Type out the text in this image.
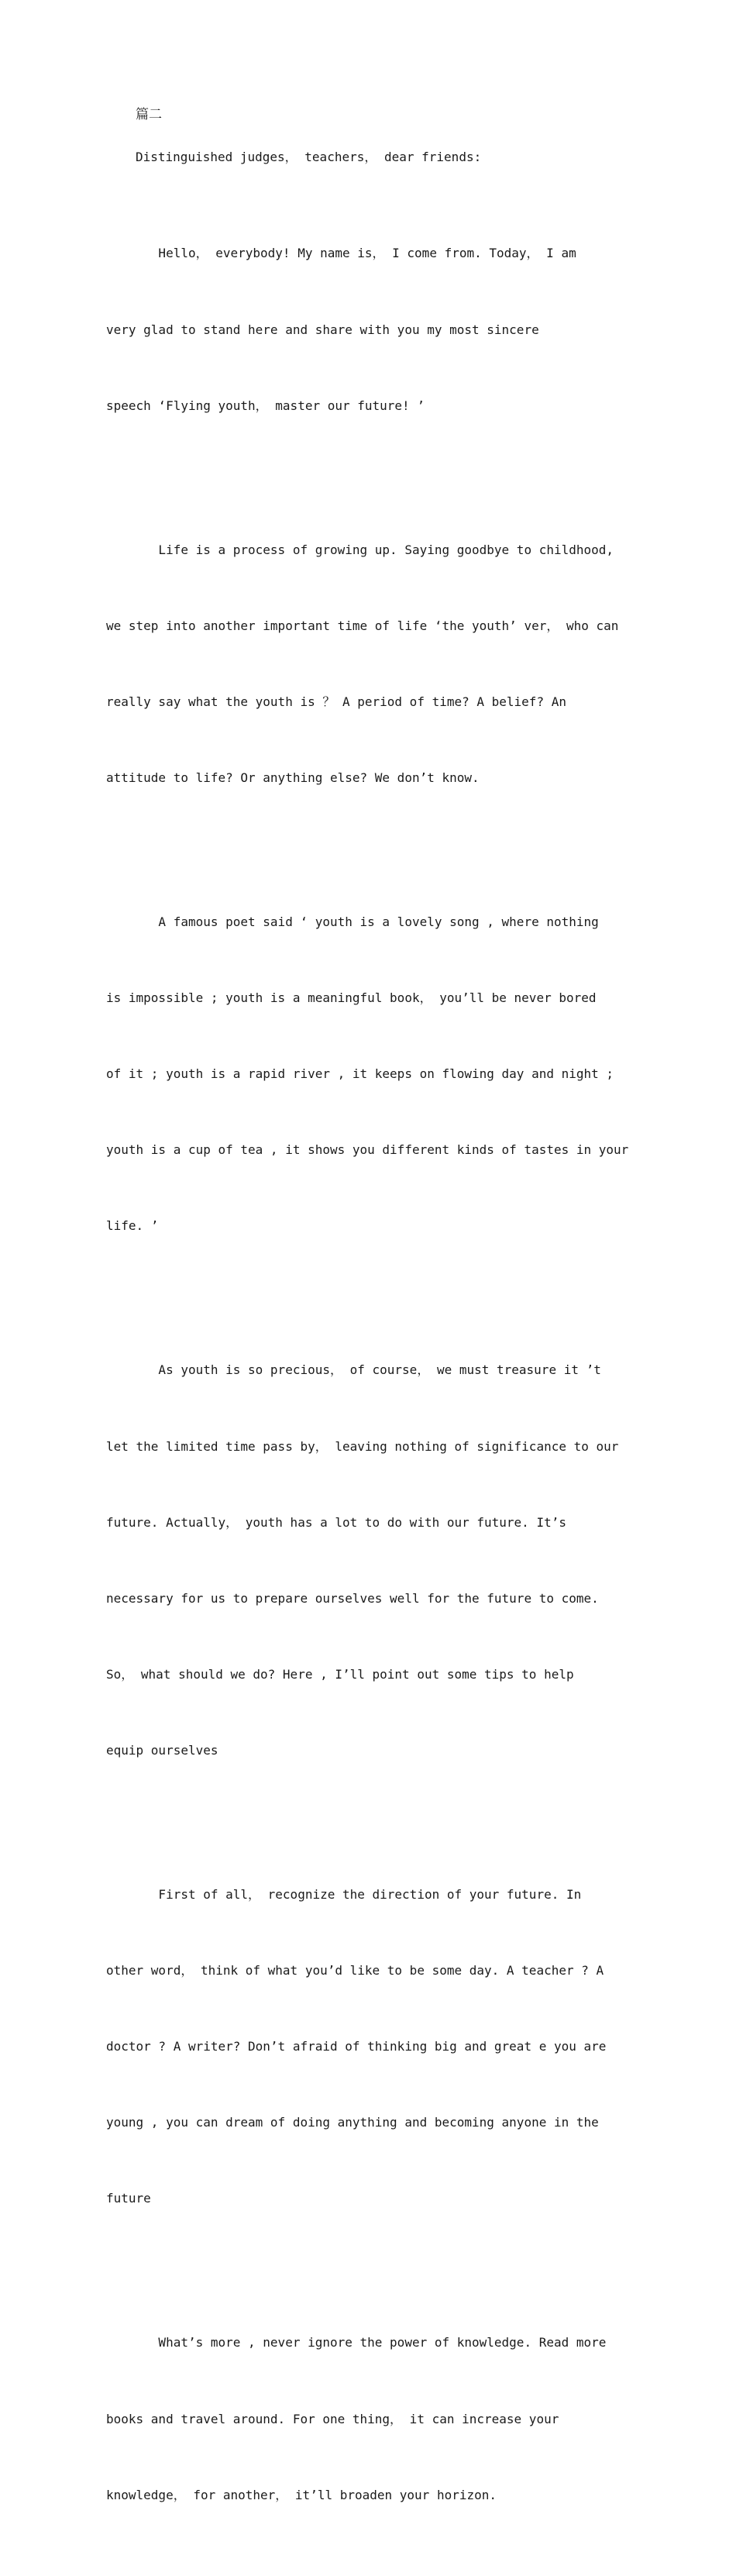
篇二

Distinguished judges， teachers， dear friends:

Hello， everybody! My name is， I come from. Today， I am

very glad to stand here and share with you my most sincere

speech ‘Flying youth， master our future! ’

Life is a process of growing up. Saying goodbye to childhood,

we step into another important time of life ‘the youth’ ver， who can

really say what the youth is ？ A period of time? A belief? An

attitude to life? Or anything else? We don’t know.

A famous poet said ‘ youth is a lovely song , where nothing

is impossible ; youth is a meaningful book， you’ll be never bored

of it ; youth is a rapid river , it keeps on flowing day and night ;

youth is a cup of tea , it shows you different kinds of tastes in your

life. ’

As youth is so precious， of course， we must treasure it ’t

let the limited time pass by， leaving nothing of significance to our

future. Actually， youth has a lot to do with our future. It’s

necessary for us to prepare ourselves well for the future to come.

So， what should we do? Here , I’ll point out some tips to help

equip ourselves

First of all， recognize the direction of your future. In

other word， think of what you’d like to be some day. A teacher ? A

doctor ? A writer? Don’t afraid of thinking big and great e you are

young , you can dream of doing anything and becoming anyone in the

future

What’s more , never ignore the power of knowledge. Read more

books and travel around. For one thing， it can increase your

knowledge， for another， it’ll broaden your horizon.
